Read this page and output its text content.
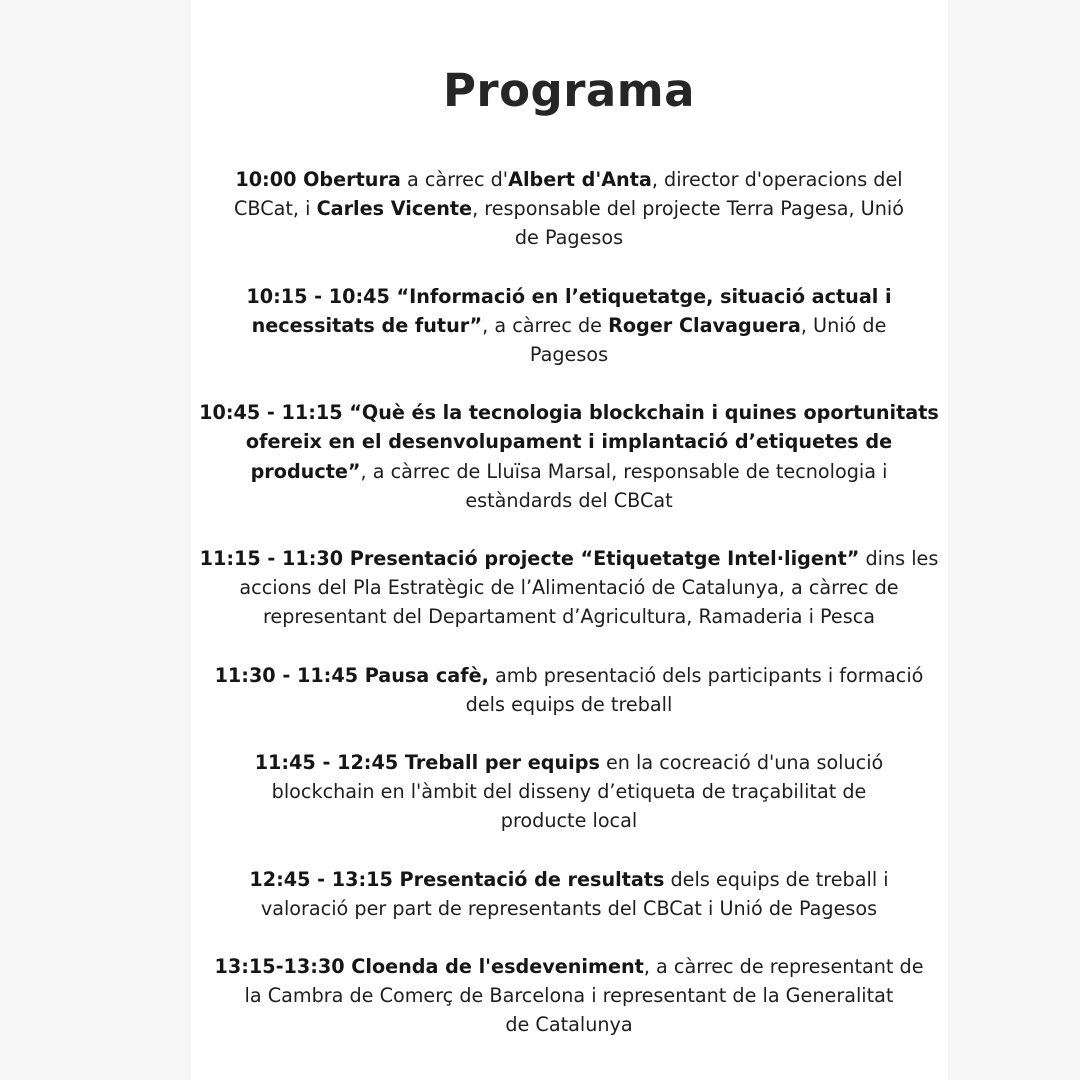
Programa

10:00 Obertura a càrrec d'Albert d'Anta, director d'operacions del
CBCat, i Carles Vicente, responsable del projecte Terra Pagesa, Unió
de Pagesos

10:15 - 10:45 “Informació en l’etiquetatge, situació actual i
necessitats de futur”, a càrrec de Roger Clavaguera, Unió de
Pagesos

10:45 - 11:15 “Què és la tecnologia blockchain i quines oportunitats
ofereix en el desenvolupament i implantació d’etiquetes de
producte”, a càrrec de Lluïsa Marsal, responsable de tecnologia i
estàndards del CBCat

11:15 - 11:30 Presentació projecte “Etiquetatge Intel·ligent” dins les
accions del Pla Estratègic de l’Alimentació de Catalunya, a càrrec de
representant del Departament d’Agricultura, Ramaderia i Pesca

11:30 - 11:45 Pausa cafè, amb presentació dels participants i formació
dels equips de treball

11:45 - 12:45 Treball per equips en la cocreació d'una solució
blockchain en l'àmbit del disseny d’etiqueta de traçabilitat de
producte local

12:45 - 13:15 Presentació de resultats dels equips de treball i
valoració per part de representants del CBCat i Unió de Pagesos

13:15-13:30 Cloenda de l'esdeveniment, a càrrec de representant de
la Cambra de Comerç de Barcelona i representant de la Generalitat
de Catalunya
